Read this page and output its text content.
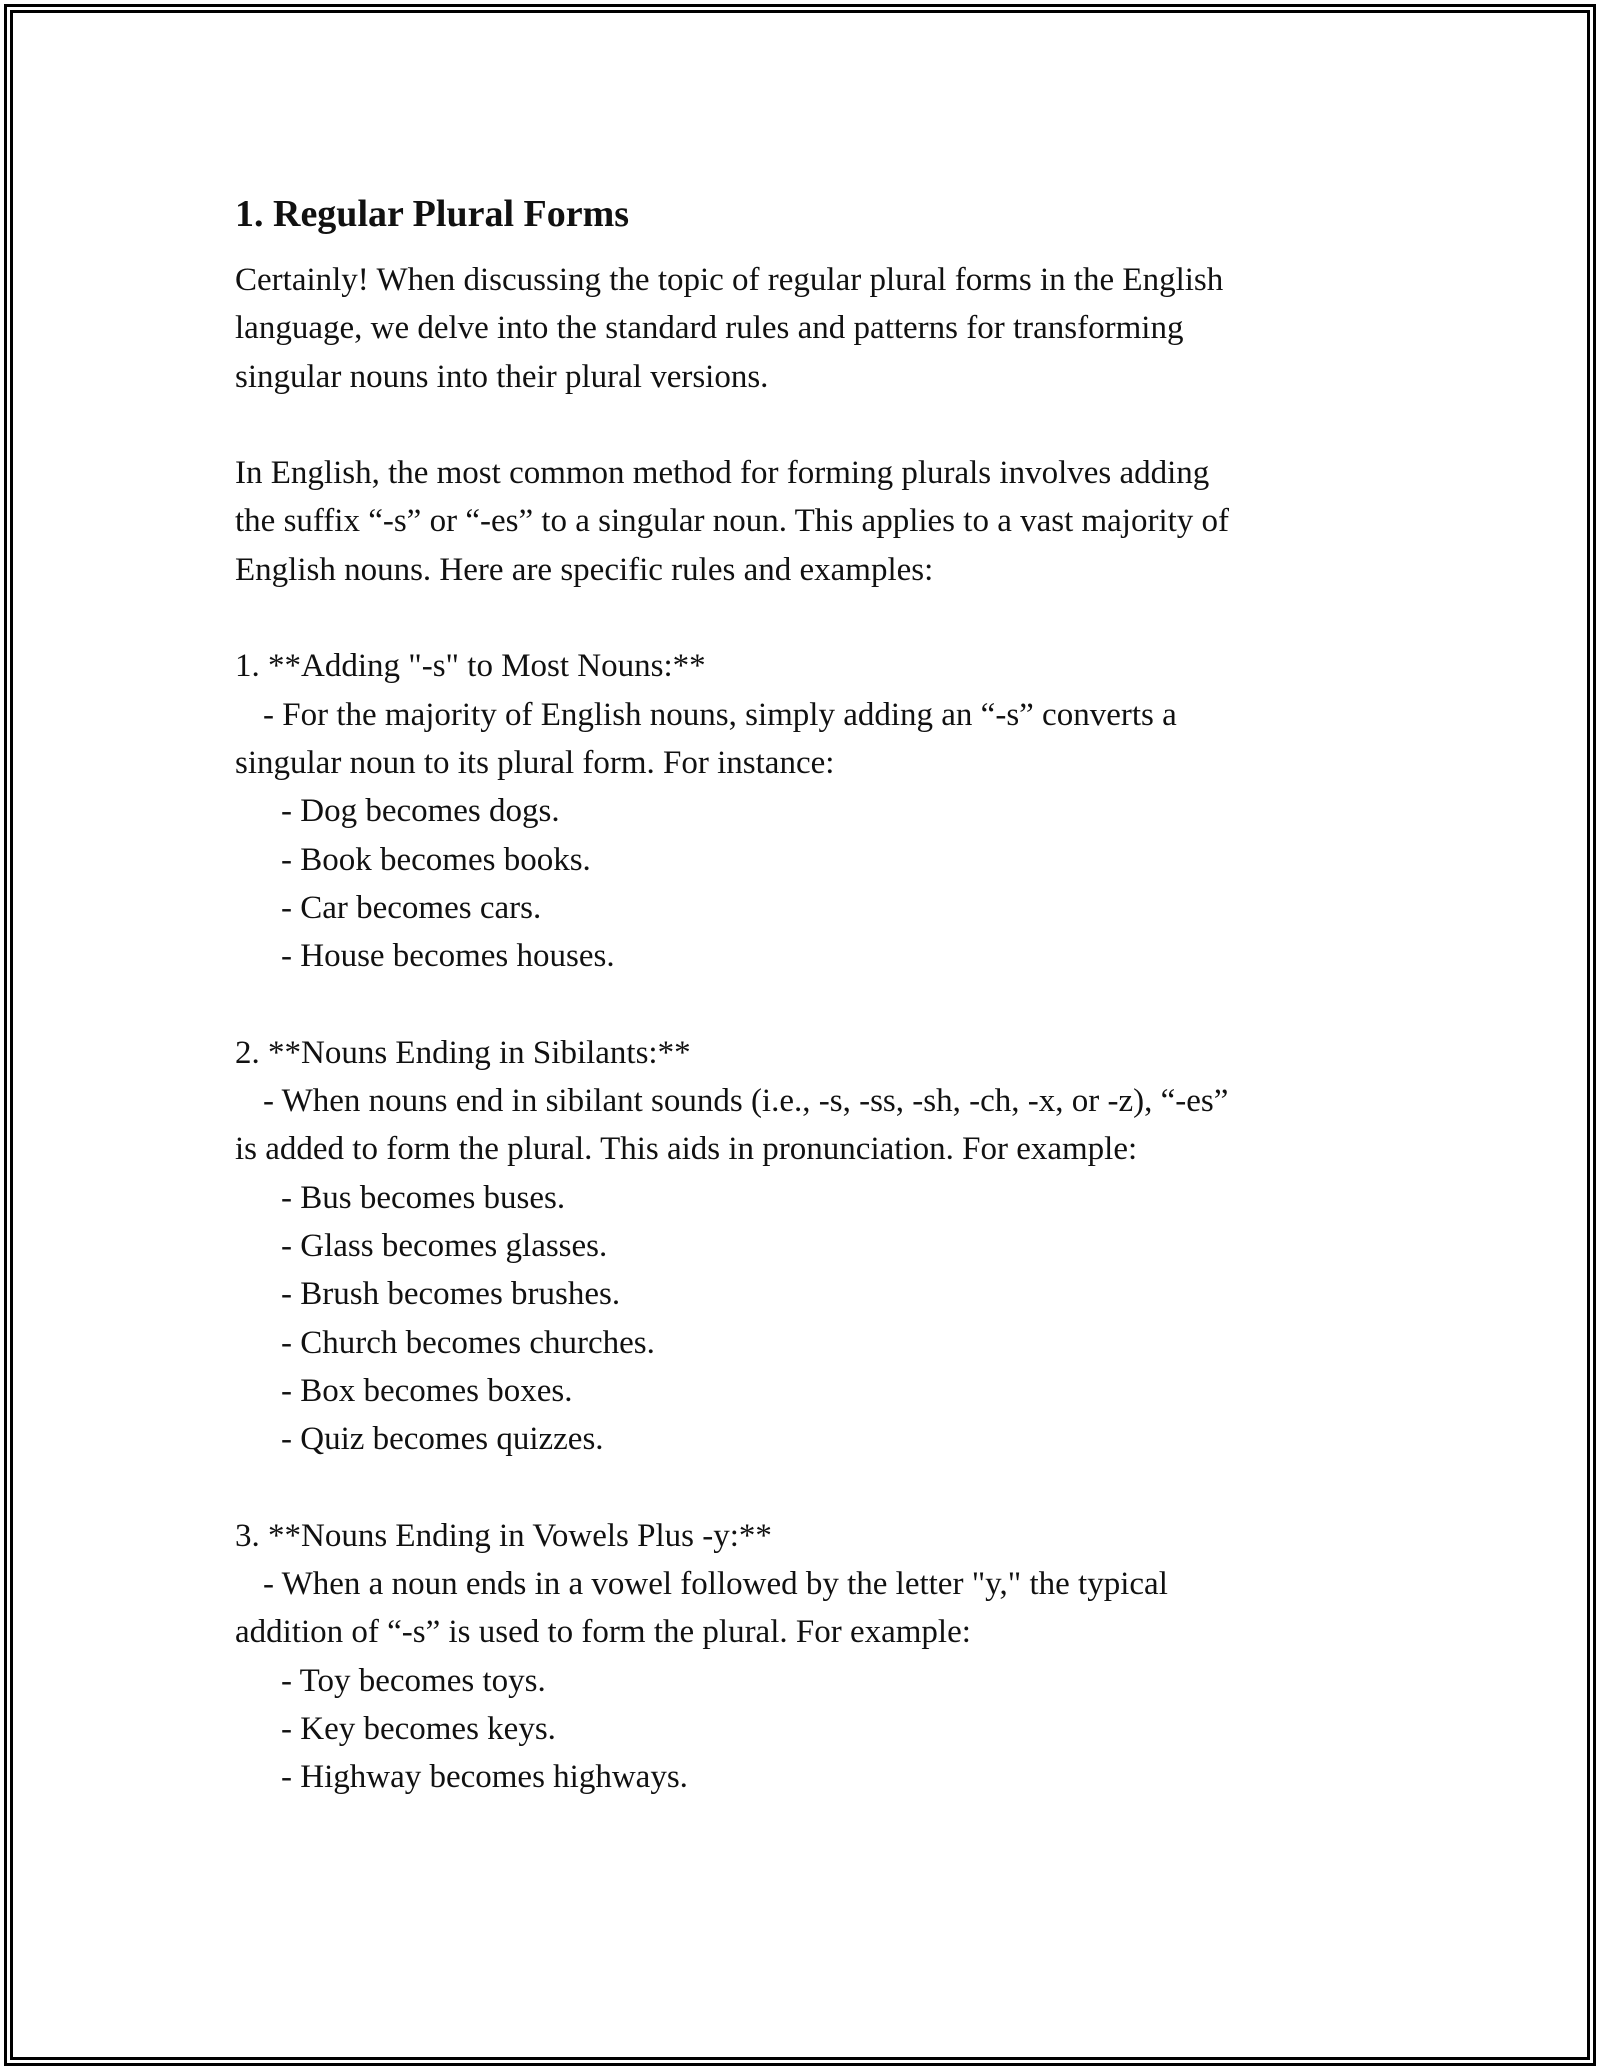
1. Regular Plural Forms

Certainly! When discussing the topic of regular plural forms in the English

language, we delve into the standard rules and patterns for transforming

singular nouns into their plural versions.

In English, the most common method for forming plurals involves adding

the suffix “-s” or “-es” to a singular noun. This applies to a vast majority of

English nouns. Here are specific rules and examples:

1. **Adding "-s" to Most Nouns:**

- For the majority of English nouns, simply adding an “-s” converts a

singular noun to its plural form. For instance:

- Dog becomes dogs.

- Book becomes books.

- Car becomes cars.

- House becomes houses.

2. **Nouns Ending in Sibilants:**

- When nouns end in sibilant sounds (i.e., -s, -ss, -sh, -ch, -x, or -z), “-es”

is added to form the plural. This aids in pronunciation. For example:

- Bus becomes buses.

- Glass becomes glasses.

- Brush becomes brushes.

- Church becomes churches.

- Box becomes boxes.

- Quiz becomes quizzes.

3. **Nouns Ending in Vowels Plus -y:**

- When a noun ends in a vowel followed by the letter "y," the typical

addition of “-s” is used to form the plural. For example:

- Toy becomes toys.

- Key becomes keys.

- Highway becomes highways.
